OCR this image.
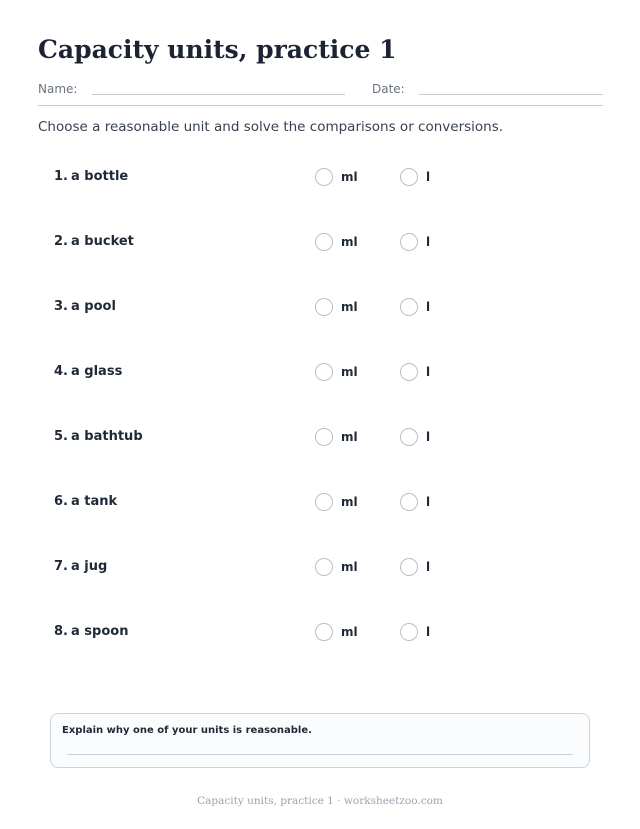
Capacity units, practice 1
Name:	Date:
Choose a reasonable unit and solve the comparisons or conversions.
1. a bottle	ml	l
2. a bucket	ml	l
3. a pool	ml	l
4. a glass	ml	l
5. a bathtub	ml	l
6. a tank	ml	l
7. a jug	ml	l
8. a spoon	ml	l
Explain why one of your units is reasonable.
Capacity units, practice 1 · worksheetzoo.com
